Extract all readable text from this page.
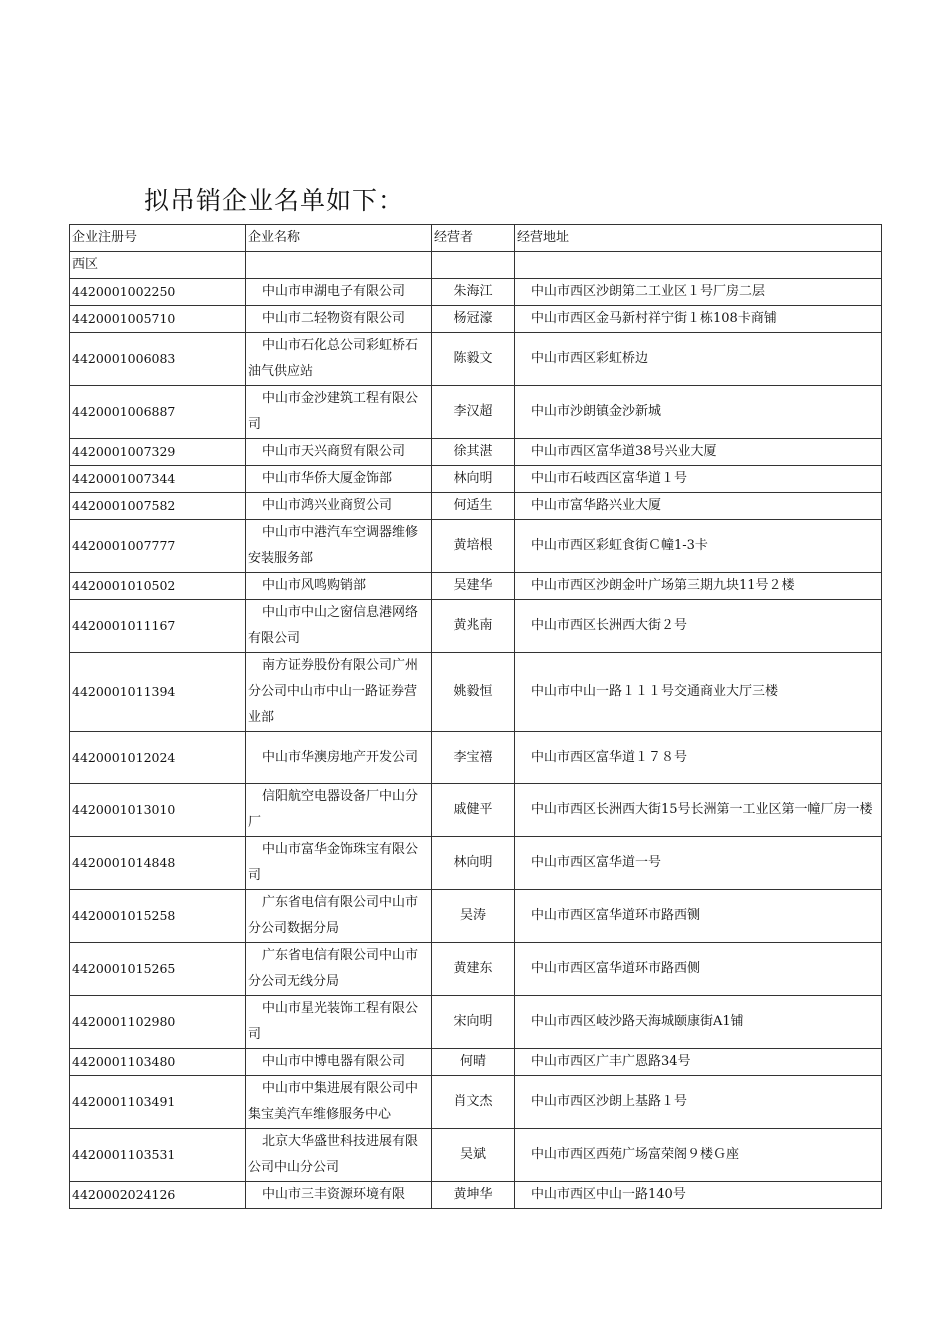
拟吊销企业名单如下：
企业注册号	企业名称	经营者	经营地址
西区			
4420001002250	中山市申湖电子有限公司	朱海江	中山市西区沙朗第二工业区１号厂房二层
4420001005710	中山市二轻物资有限公司	杨冠濠	中山市西区金马新村祥宁街１栋108卡商铺
4420001006083	中山市石化总公司彩虹桥石油气供应站	陈毅文	中山市西区彩虹桥边
4420001006887	中山市金沙建筑工程有限公司	李汉超	中山市沙朗镇金沙新城
4420001007329	中山市天兴商贸有限公司	徐其湛	中山市西区富华道38号兴业大厦
4420001007344	中山市华侨大厦金饰部	林向明	中山市石岐西区富华道１号
4420001007582	中山市鸿兴业商贸公司	何适生	中山市富华路兴业大厦
4420001007777	中山市中港汽车空调器维修安装服务部	黄培根	中山市西区彩虹食街Ｃ幢1-3卡
4420001010502	中山市风鸣购销部	吴建华	中山市西区沙朗金叶广场第三期九块11号２楼
4420001011167	中山市中山之窗信息港网络有限公司	黄兆南	中山市西区长洲西大街２号
4420001011394	南方证券股份有限公司广州分公司中山市中山一路证券营业部	姚毅恒	中山市中山一路１１１号交通商业大厅三楼
4420001012024	中山市华澳房地产开发公司	李宝禧	中山市西区富华道１７８号
4420001013010	信阳航空电器设备厂中山分厂	戚健平	中山市西区长洲西大街15号长洲第一工业区第一幢厂房一楼
4420001014848	中山市富华金饰珠宝有限公司	林向明	中山市西区富华道一号
4420001015258	广东省电信有限公司中山市分公司数据分局	吴涛	中山市西区富华道环市路西铡
4420001015265	广东省电信有限公司中山市分公司无线分局	黄建东	中山市西区富华道环市路西侧
4420001102980	中山市星光装饰工程有限公司	宋向明	中山市西区岐沙路天海城颐康街A1铺
4420001103480	中山市中博电器有限公司	何晴	中山市西区广丰广恩路34号
4420001103491	中山市中集进展有限公司中集宝美汽车维修服务中心	肖文杰	中山市西区沙朗上基路１号
4420001103531	北京大华盛世科技进展有限公司中山分公司	吴斌	中山市西区西苑广场富荣阁９楼Ｇ座
4420002024126	中山市三丰资源环境有限	黄坤华	中山市西区中山一路140号
